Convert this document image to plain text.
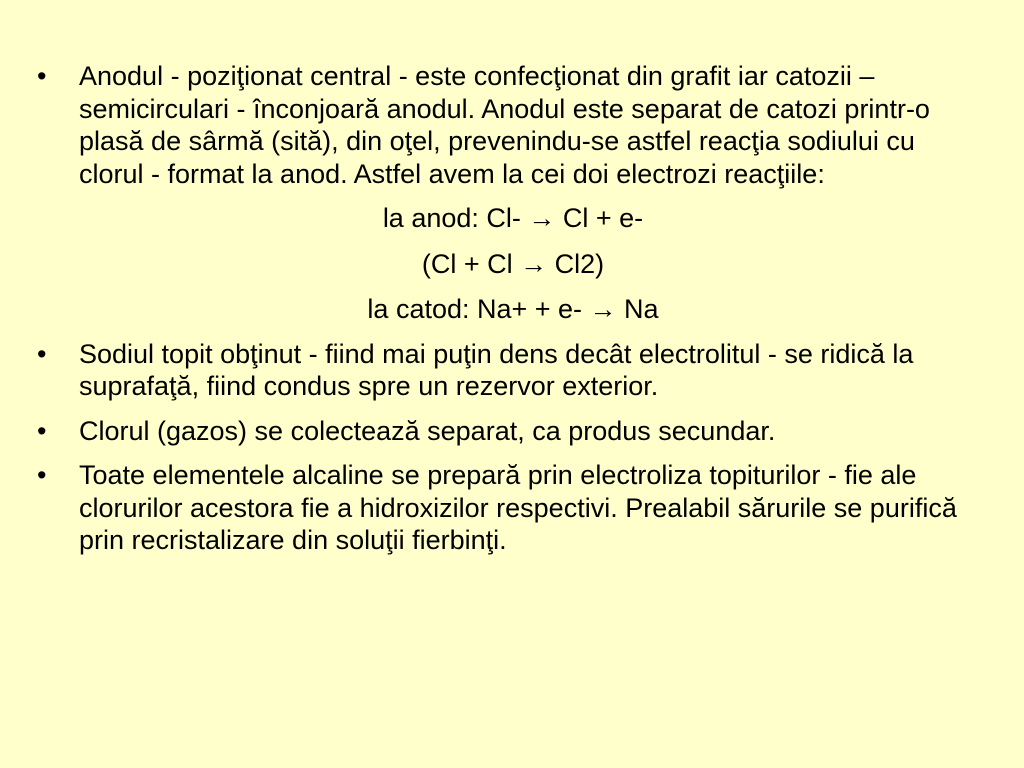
•	Anodul - poziţionat central - este confecţionat din grafit iar catozii – semicirculari - înconjoară anodul. Anodul este separat de catozi printr-o plasă de sârmă (sită), din oţel, prevenindu-se astfel reacţia sodiului cu clorul - format la anod. Astfel avem la cei doi electrozi reacţiile:
la anod: Cl- → Cl + e-
(Cl + Cl → Cl2)
la catod: Na+ + e- → Na
•	Sodiul topit obţinut - fiind mai puţin dens decât electrolitul - se ridică la suprafaţă, fiind condus spre un rezervor exterior.
•	Clorul (gazos) se colectează separat, ca produs secundar.
•	Toate elementele alcaline se prepară prin electroliza topiturilor - fie ale clorurilor acestora fie a hidroxizilor respectivi. Prealabil sărurile se purifică prin recristalizare din soluţii fierbinţi.
